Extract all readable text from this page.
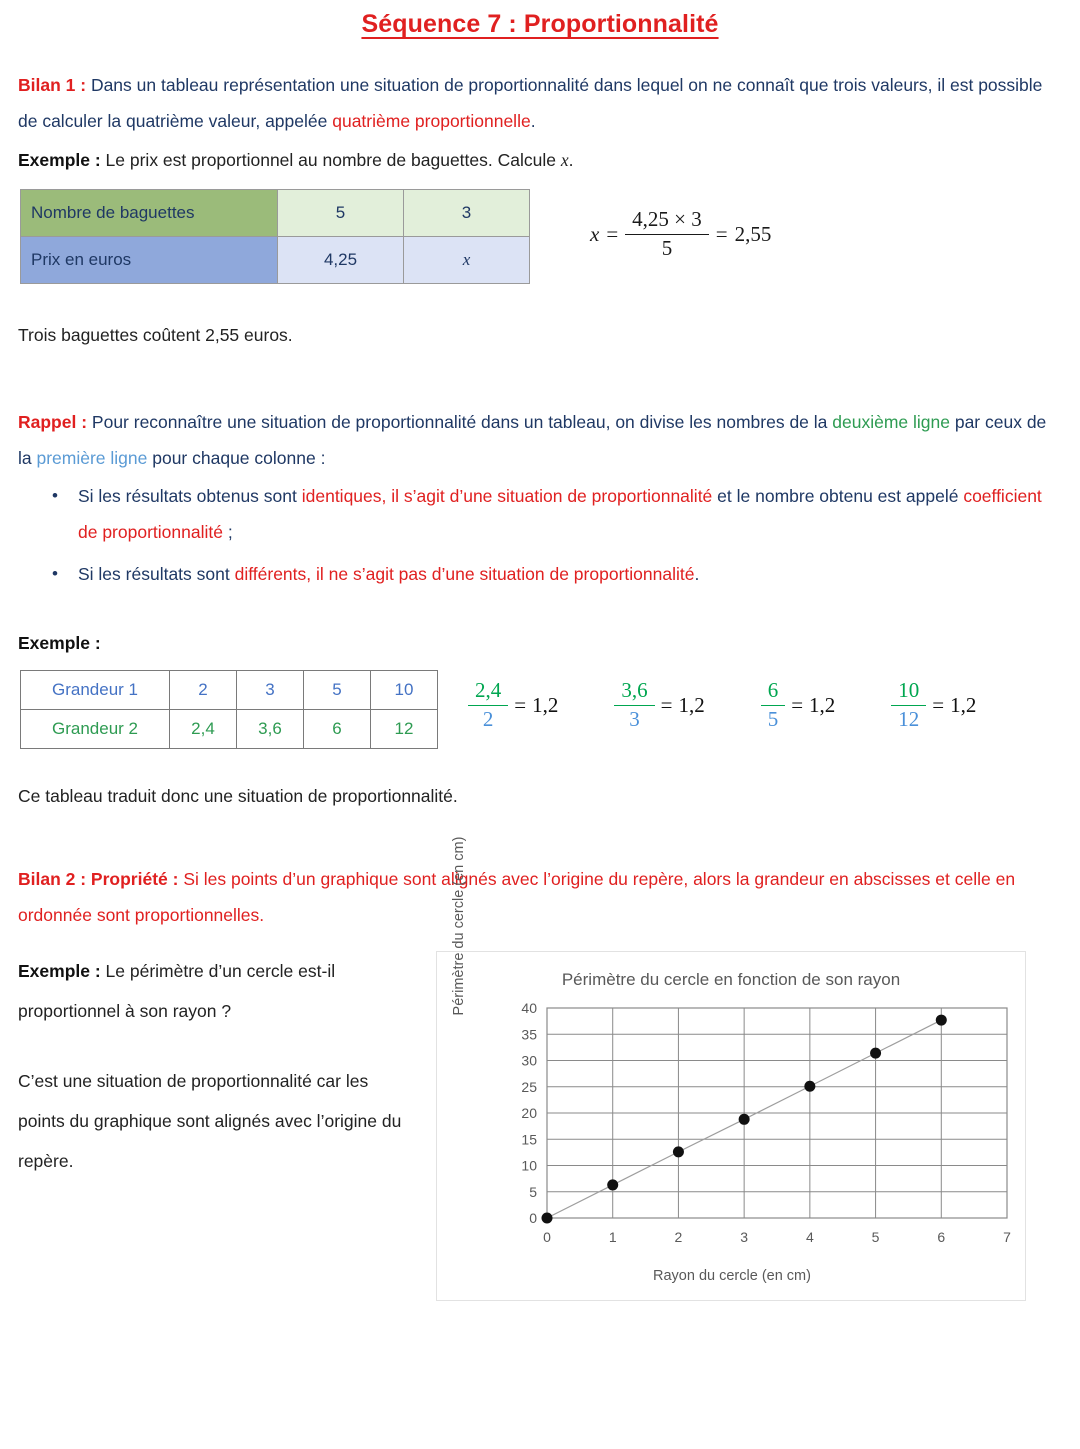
Séquence 7 : Proportionnalité

Bilan 1 : Dans un tableau représentation une situation de proportionnalité dans lequel on ne connaît que trois valeurs, il est possible de calculer la quatrième valeur, appelée quatrième proportionnelle.

Exemple : Le prix est proportionnel au nombre de baguettes. Calcule x.

Nombre de baguettes	5	3
Prix en euros	4,25	x
$x = \frac{4,25 \times 3}{5} = 2,55$

Trois baguettes coûtent 2,55 euros.

Rappel : Pour reconnaître une situation de proportionnalité dans un tableau, on divise les nombres de la deuxième ligne par ceux de la première ligne pour chaque colonne :

• Si les résultats obtenus sont identiques, il s’agit d’une situation de proportionnalité et le nombre obtenu est appelé coefficient de proportionnalité ;
• Si les résultats sont différents, il ne s’agit pas d’une situation de proportionnalité.

Exemple :

Grandeur 1	2	3	5	10
Grandeur 2	2,4	3,6	6	12	$\frac{2,4}{2} = 1,2$	$\frac{3,6}{3} = 1,2$	$\frac{6}{5} = 1,2$	$\frac{10}{12} = 1,2$

Ce tableau traduit donc une situation de proportionnalité.

Bilan 2 : Propriété : Si les points d’un graphique sont alignés avec l’origine du repère, alors la grandeur en abscisses et celle en ordonnée sont proportionnelles.

Exemple : Le périmètre d’un cercle est-il proportionnel à son rayon ?

C’est une situation de proportionnalité car les points du graphique sont alignés avec l’origine du repère.

Périmètre du cercle en fonction de son rayon
Périmètre du cercle (en cm)
0
5
10
15
20
25
30
35
40
0	1	2	3	4	5	6	7
Rayon du cercle (en cm)
